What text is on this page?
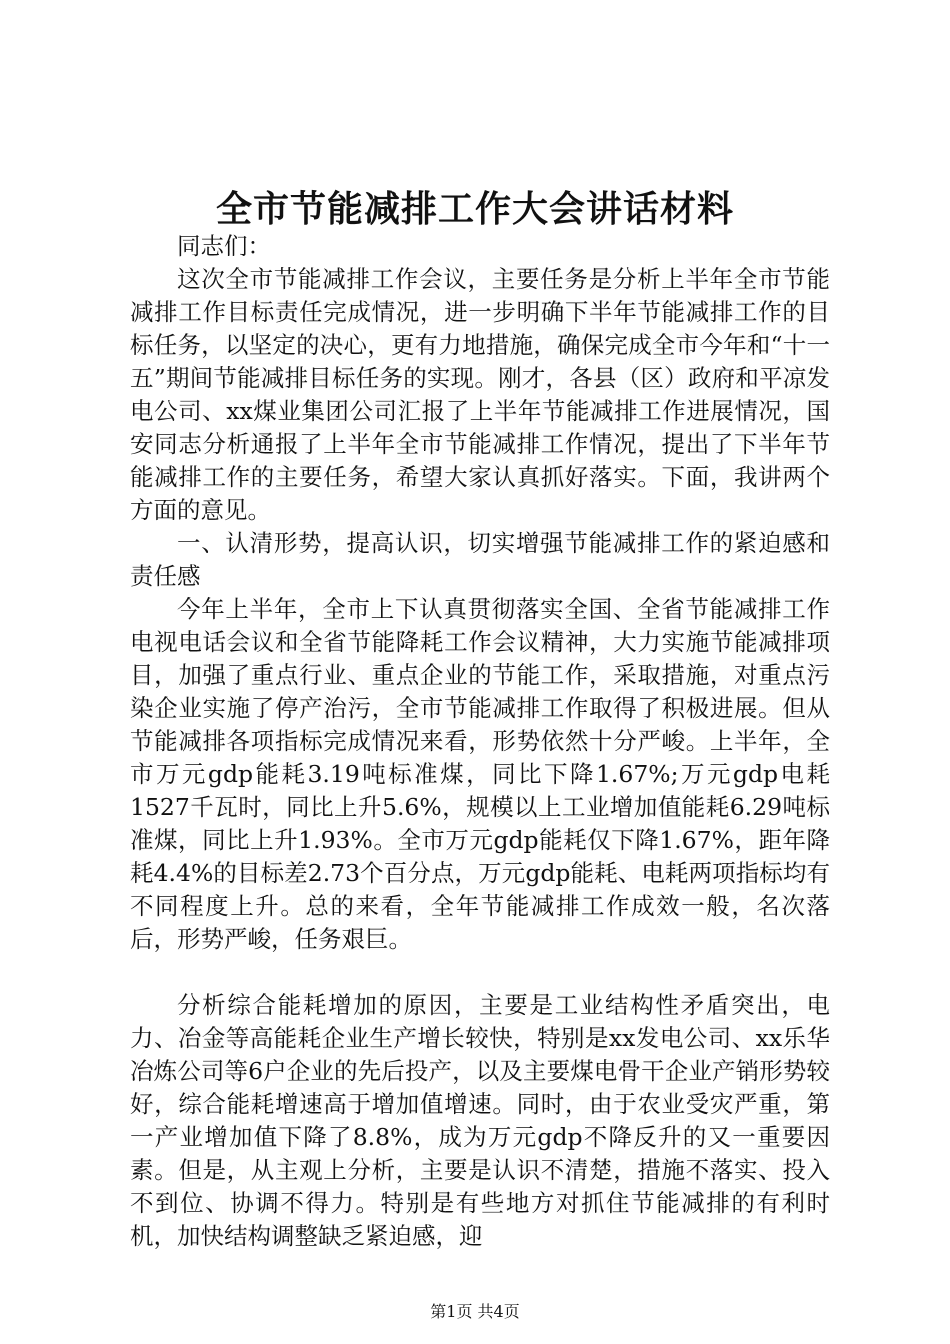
全市节能减排工作大会讲话材料

同志们：

这次全市节能减排工作会议，主要任务是分析上半年全市节能减排工作目标责任完成情况，进一步明确下半年节能减排工作的目标任务，以坚定的决心，更有力地措施，确保完成全市今年和“十一五”期间节能减排目标任务的实现。刚才，各县（区）政府和平凉发电公司、xx煤业集团公司汇报了上半年节能减排工作进展情况，国安同志分析通报了上半年全市节能减排工作情况，提出了下半年节能减排工作的主要任务，希望大家认真抓好落实。下面，我讲两个方面的意见。

一、认清形势，提高认识，切实增强节能减排工作的紧迫感和责任感

今年上半年，全市上下认真贯彻落实全国、全省节能减排工作电视电话会议和全省节能降耗工作会议精神，大力实施节能减排项目，加强了重点行业、重点企业的节能工作，采取措施，对重点污染企业实施了停产治污，全市节能减排工作取得了积极进展。但从节能减排各项指标完成情况来看，形势依然十分严峻。上半年，全市万元gdp能耗3.19吨标准煤，同比下降1.67%;万元gdp电耗1527千瓦时，同比上升5.6%，规模以上工业增加值能耗6.29吨标准煤，同比上升1.93%。全市万元gdp能耗仅下降1.67%，距年降耗4.4%的目标差2.73个百分点，万元gdp能耗、电耗两项指标均有不同程度上升。总的来看，全年节能减排工作成效一般，名次落后，形势严峻，任务艰巨。

分析综合能耗增加的原因，主要是工业结构性矛盾突出，电力、冶金等高能耗企业生产增长较快，特别是xx发电公司、xx乐华冶炼公司等6户企业的先后投产，以及主要煤电骨干企业产销形势较好，综合能耗增速高于增加值增速。同时，由于农业受灾严重，第一产业增加值下降了8.8%，成为万元gdp不降反升的又一重要因素。但是，从主观上分析，主要是认识不清楚，措施不落实、投入不到位、协调不得力。特别是有些地方对抓住节能减排的有利时机，加快结构调整缺乏紧迫感，迎

第1页 共4页
